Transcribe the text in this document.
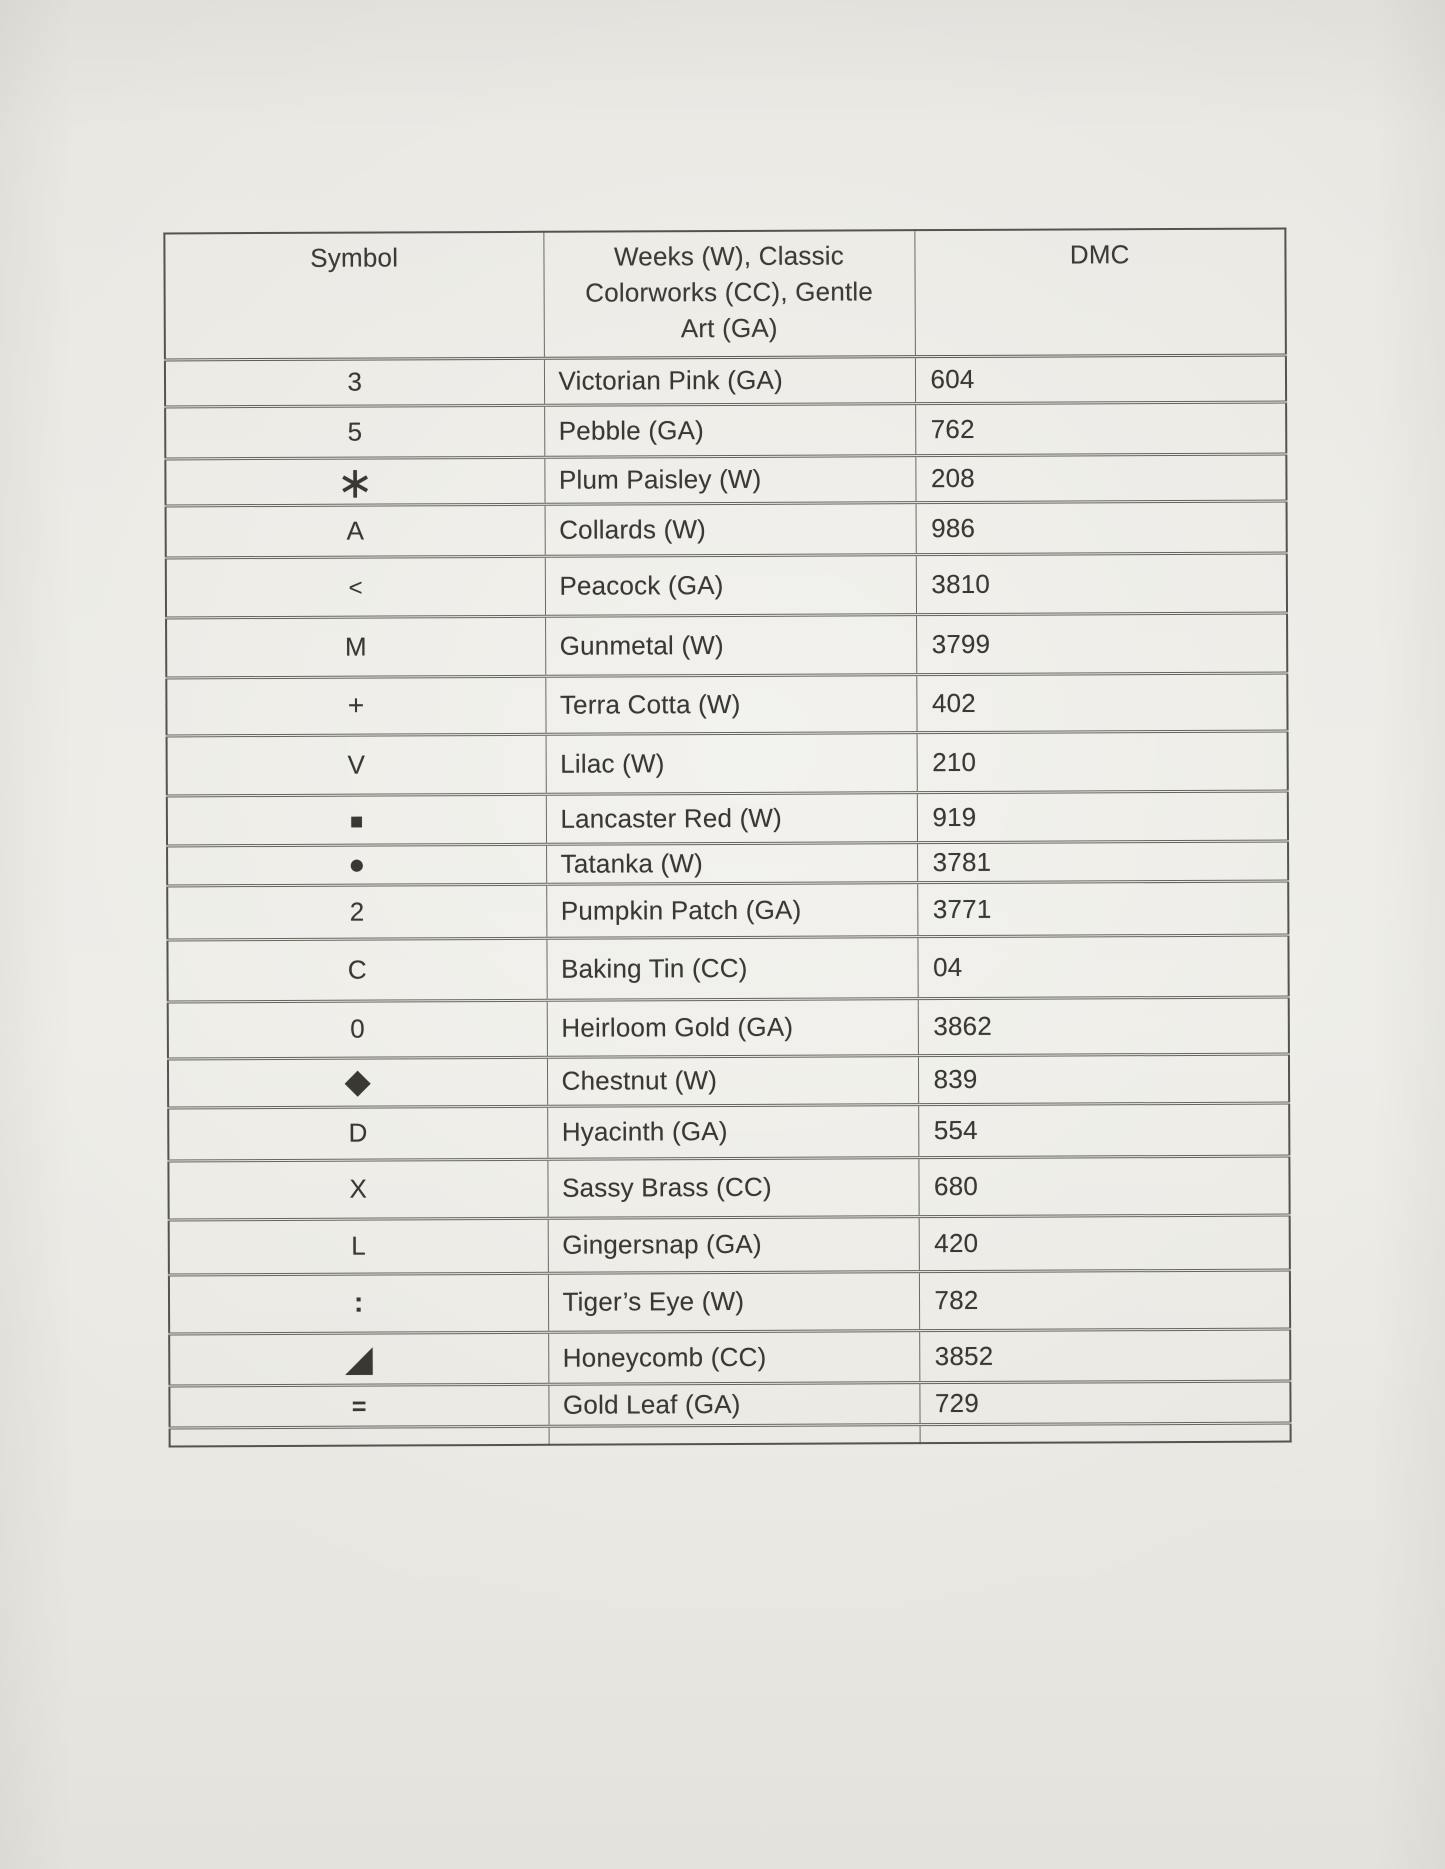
Symbol	Weeks (W), Classic
Colorworks (CC), Gentle
Art (GA)	DMC
3	Victorian Pink (GA)	604
5	Pebble (GA)	762
∗	Plum Paisley (W)	208
A	Collards (W)	986
<	Peacock (GA)	3810
M	Gunmetal (W)	3799
+	Terra Cotta (W)	402
V	Lilac (W)	210
■	Lancaster Red (W)	919
●	Tatanka (W)	3781
2	Pumpkin Patch (GA)	3771
C	Baking Tin (CC)	04
0	Heirloom Gold (GA)	3862
◆	Chestnut (W)	839
D	Hyacinth (GA)	554
X	Sassy Brass (CC)	680
L	Gingersnap (GA)	420
:	Tiger’s Eye (W)	782
◢	Honeycomb (CC)	3852
=	Gold Leaf (GA)	729
